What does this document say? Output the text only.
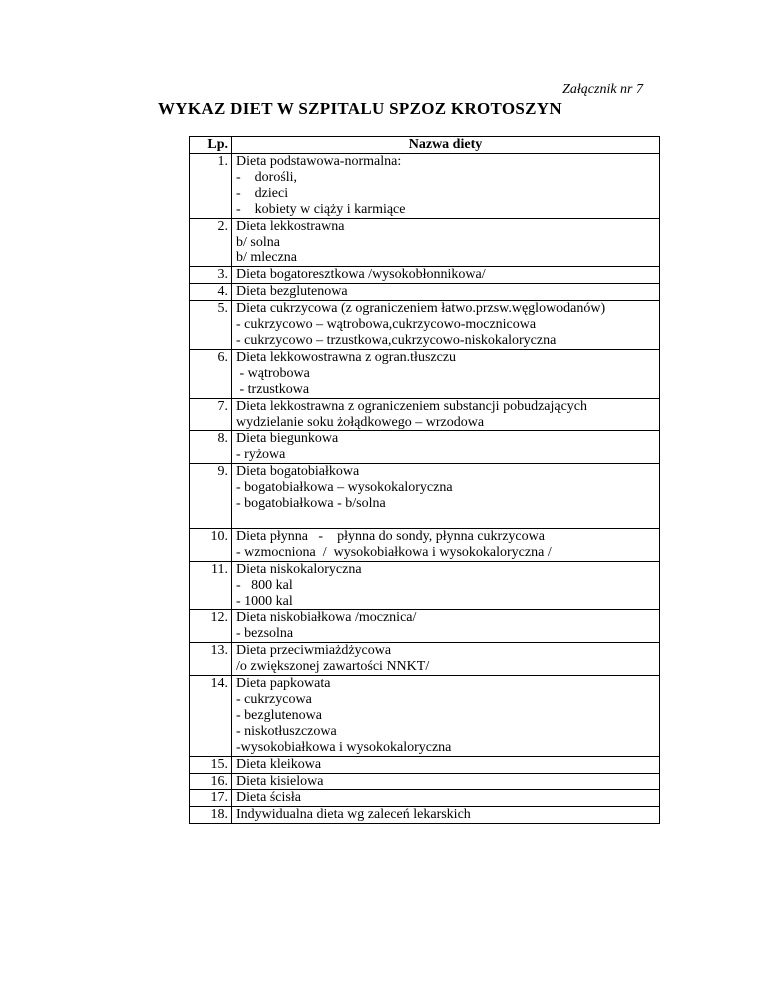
Załącznik nr 7
WYKAZ DIET W SZPITALU SPZOZ KROTOSZYN
Lp.	Nazwa diety
1.	Dieta podstawowa-normalna:
-    dorośli,
-    dzieci
-    kobiety w ciąży i karmiące

2.	Dieta lekkostrawna
b/ solna
b/ mleczna

3.	Dieta bogatoresztkowa /wysokobłonnikowa/

4.	Dieta bezglutenowa

5.	Dieta cukrzycowa (z ograniczeniem łatwo.przsw.węglowodanów)
- cukrzycowo – wątrobowa,cukrzycowo-mocznicowa
- cukrzycowo – trzustkowa,cukrzycowo-niskokaloryczna

6.	Dieta lekkowostrawna z ogran.tłuszczu
- wątrobowa
- trzustkowa

7.	Dieta lekkostrawna z ograniczeniem substancji pobudzających
wydzielanie soku żołądkowego – wrzodowa

8.	Dieta biegunkowa
- ryżowa

9.	Dieta bogatobiałkowa
- bogatobiałkowa – wysokokaloryczna
- bogatobiałkowa - b/solna

10.	Dieta płynna   -    płynna do sondy, płynna cukrzycowa
- wzmocniona  /  wysokobiałkowa i wysokokaloryczna /

11.	Dieta niskokaloryczna
-   800 kal
- 1000 kal

12.	Dieta niskobiałkowa /mocznica/
- bezsolna

13.	Dieta przeciwmiażdżycowa
/o zwiększonej zawartości NNKT/

14.	Dieta papkowata
- cukrzycowa
- bezglutenowa
- niskotłuszczowa
-wysokobiałkowa i wysokokaloryczna

15.	Dieta kleikowa

16.	Dieta kisielowa

17.	Dieta ścisła

18.	Indywidualna dieta wg zaleceń lekarskich
